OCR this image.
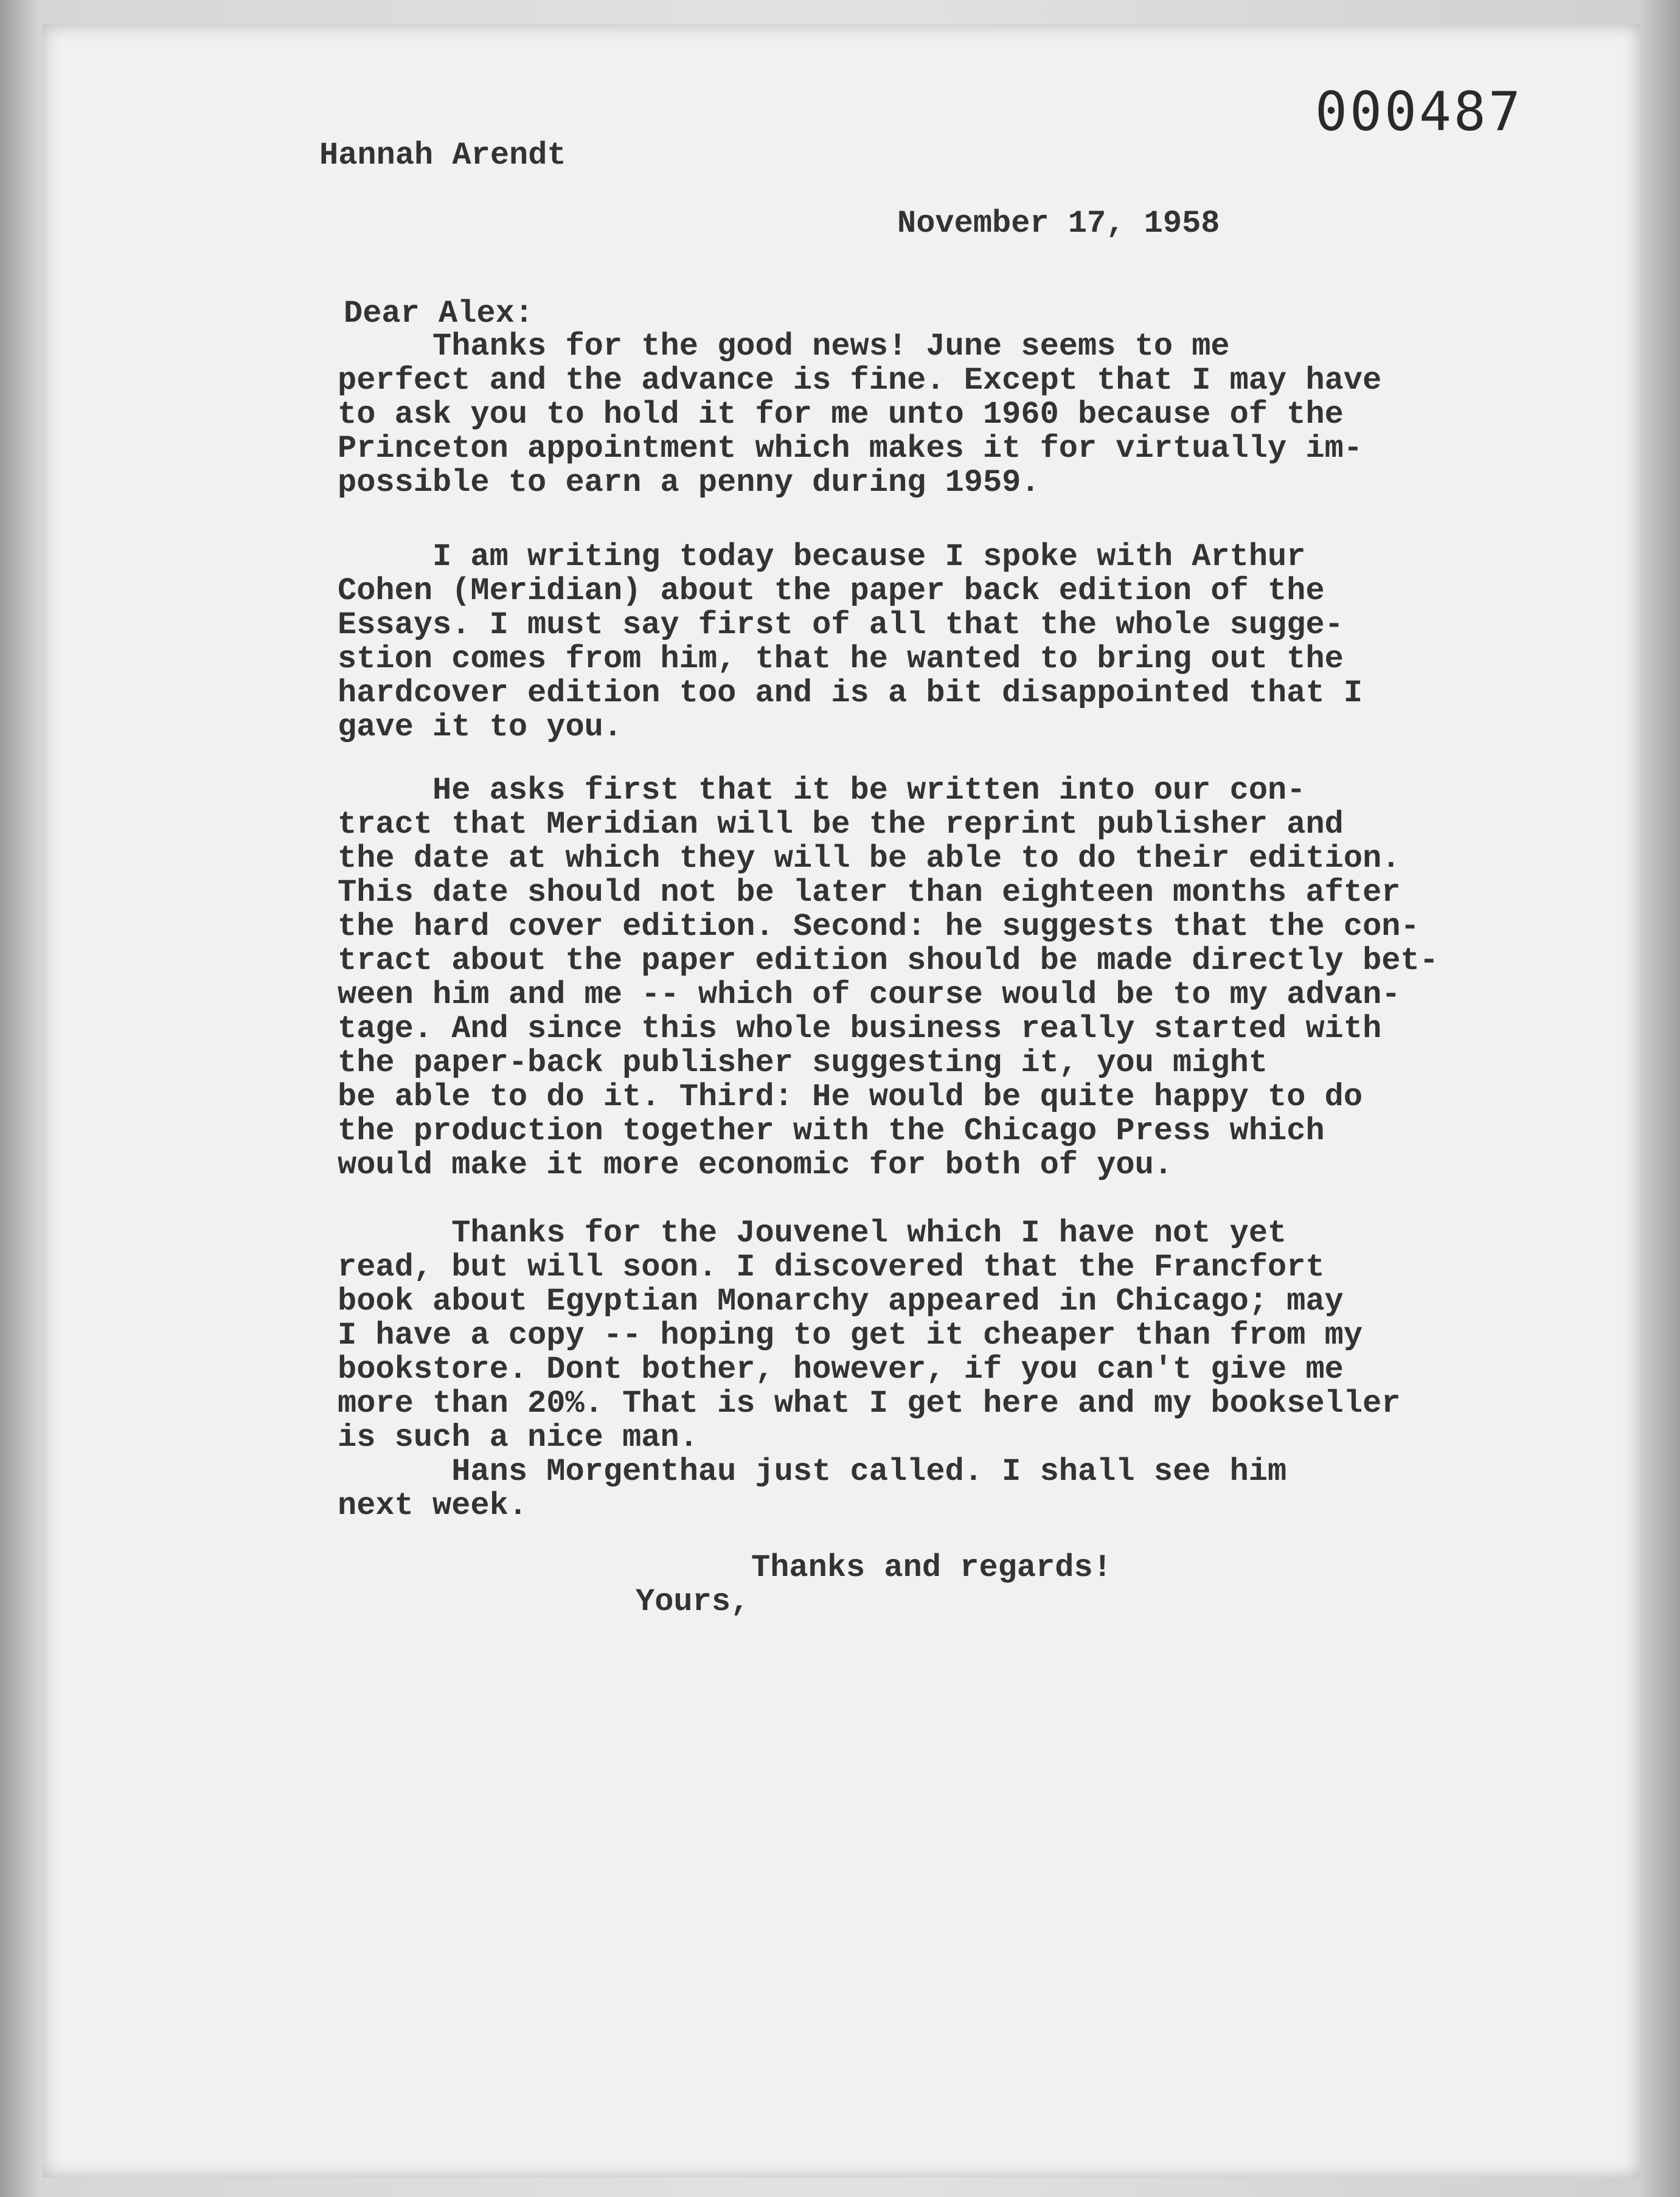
000487
Hannah Arendt
November 17, 1958
Dear Alex:
Thanks for the good news! June seems to me
perfect and the advance is fine. Except that I may have
to ask you to hold it for me unto 1960 because of the
Princeton appointment which makes it for virtually im-
possible to earn a penny during 1959.
I am writing today because I spoke with Arthur
Cohen (Meridian) about the paper back edition of the
Essays. I must say first of all that the whole sugge-
stion comes from him, that he wanted to bring out the
hardcover edition too and is a bit disappointed that I
gave it to you.
He asks first that it be written into our con-
tract that Meridian will be the reprint publisher and
the date at which they will be able to do their edition.
This date should not be later than eighteen months after
the hard cover edition. Second: he suggests that the con-
tract about the paper edition should be made directly bet-
ween him and me -- which of course would be to my advan-
tage. And since this whole business really started with
the paper-back publisher suggesting it, you might
be able to do it. Third: He would be quite happy to do
the production together with the Chicago Press which
would make it more economic for both of you.
Thanks for the Jouvenel which I have not yet
read, but will soon. I discovered that the Francfort
book about Egyptian Monarchy appeared in Chicago; may
I have a copy -- hoping to get it cheaper than from my
bookstore. Dont bother, however, if you can't give me
more than 20%. That is what I get here and my bookseller
is such a nice man.
Hans Morgenthau just called. I shall see him
next week.
Thanks and regards!
Yours,
